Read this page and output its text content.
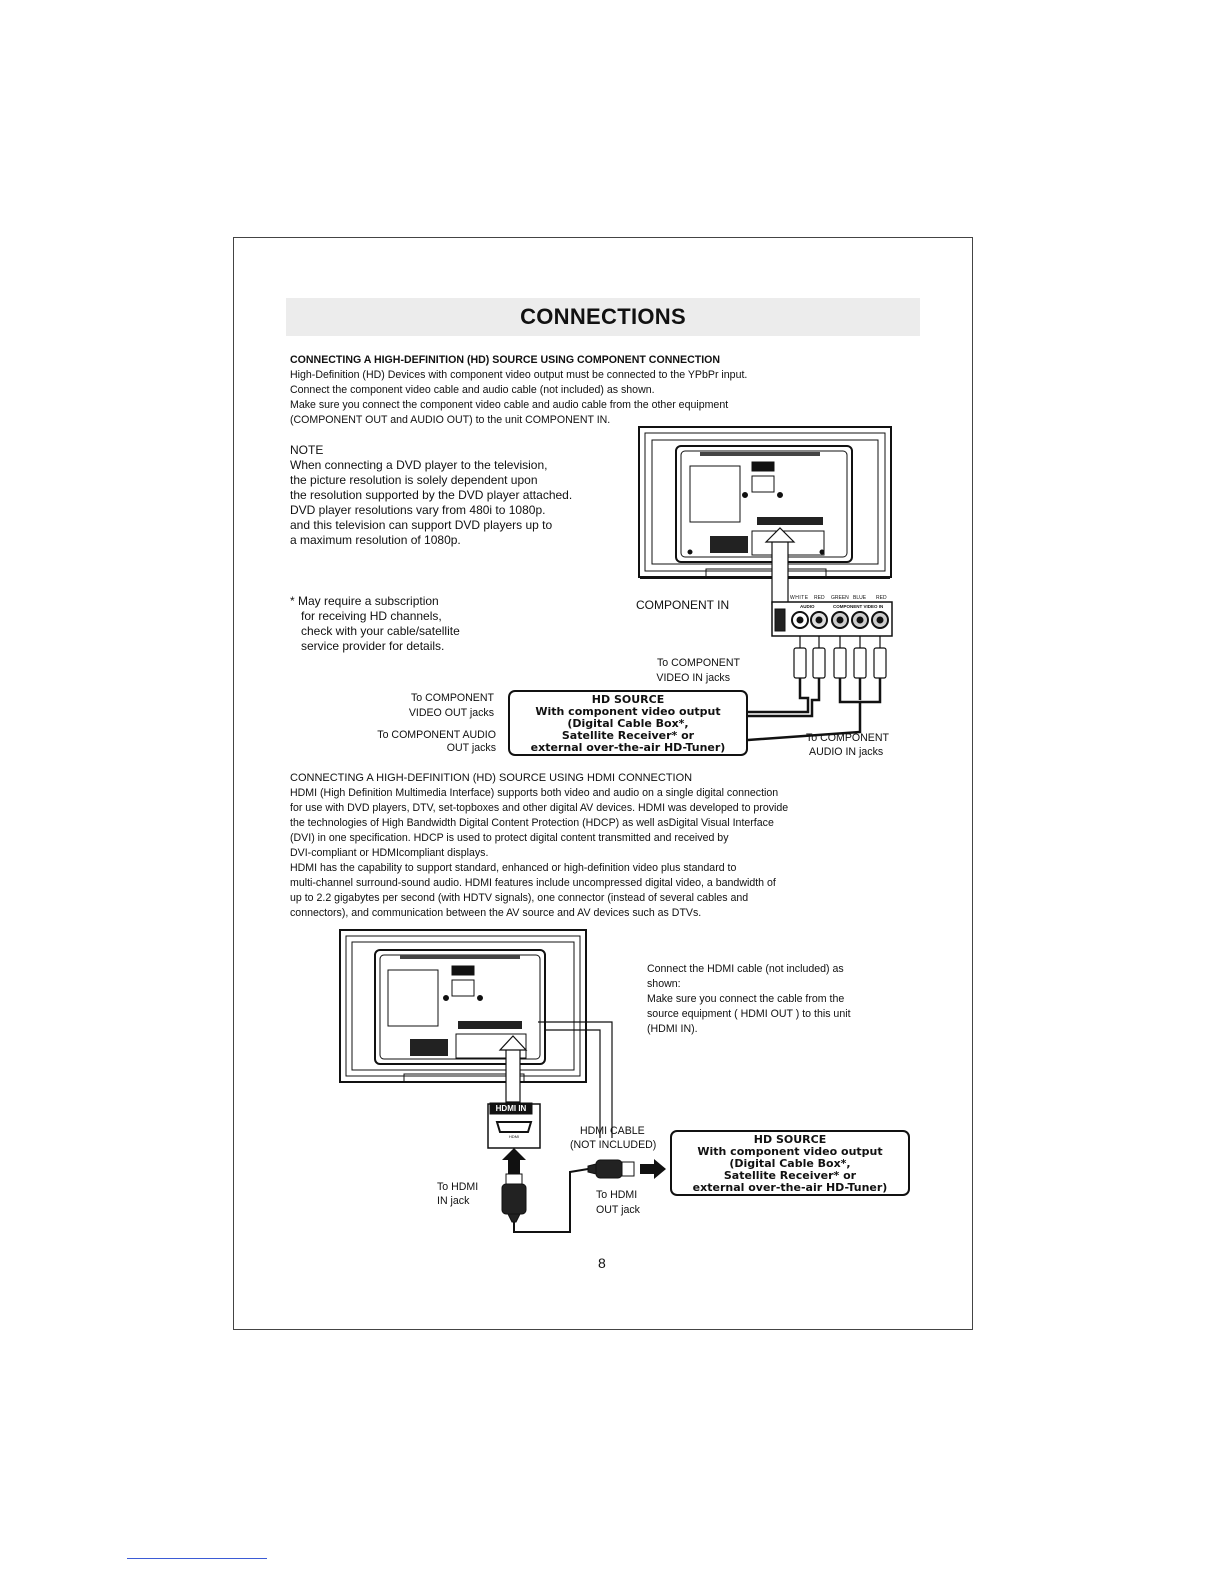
CONNECTIONS
CONNECTING A HIGH-DEFINITION (HD) SOURCE USING COMPONENT CONNECTION
High-Definition (HD) Devices with component video output must be connected to the YPbPr input.
Connect the component video cable and audio cable (not included) as shown.
Make sure you connect the component video cable and audio cable from the other equipment
(COMPONENT OUT and AUDIO OUT) to the unit COMPONENT IN.
NOTE
When connecting a DVD player to the television,
the picture resolution is solely dependent upon
the resolution supported by the DVD player attached.
DVD player resolutions vary from 480i to 1080p.
and this television can support DVD players up to
a maximum resolution of 1080p.
* May require a subscription
for receiving HD channels,
check with your cable/satellite
service provider for details.
COMPONENT IN	WHITE RED GREEN BLUE RED
AUDIO	COMPONENT VIDEO IN
To COMPONENT
VIDEO IN jacks
To COMPONENT
VIDEO OUT jacks
To COMPONENT AUDIO
OUT jacks
To COMPONENT
AUDIO IN jacks
HD SOURCE
With component video output
(Digital Cable Box*,
Satellite Receiver* or
external over-the-air HD-Tuner)
CONNECTING A HIGH-DEFINITION (HD) SOURCE USING HDMI CONNECTION
HDMI (High Definition Multimedia Interface) supports both video and audio on a single digital connection
for use with DVD players, DTV, set-topboxes and other digital AV devices. HDMI was developed to provide
the technologies of High Bandwidth Digital Content Protection (HDCP) as well asDigital Visual Interface
(DVI) in one specification. HDCP is used to protect digital content transmitted and received by
DVI-compliant or HDMIcompliant displays.
HDMI has the capability to support standard, enhanced or high-definition video plus standard to
multi-channel surround-sound audio. HDMI features include uncompressed digital video, a bandwidth of
up to 2.2 gigabytes per second (with HDTV signals), one connector (instead of several cables and
connectors), and communication between the AV source and AV devices such as DTVs.
Connect the HDMI cable (not included) as
shown:
Make sure you connect the cable from the
source equipment ( HDMI OUT ) to this unit
(HDMI IN).
HDMI IN
HDMI	HDMI CABLE
(NOT INCLUDED)
To HDMI
IN jack	To HDMI
OUT jack
HD SOURCE
With component video output
(Digital Cable Box*,
Satellite Receiver* or
external over-the-air HD-Tuner)
8
